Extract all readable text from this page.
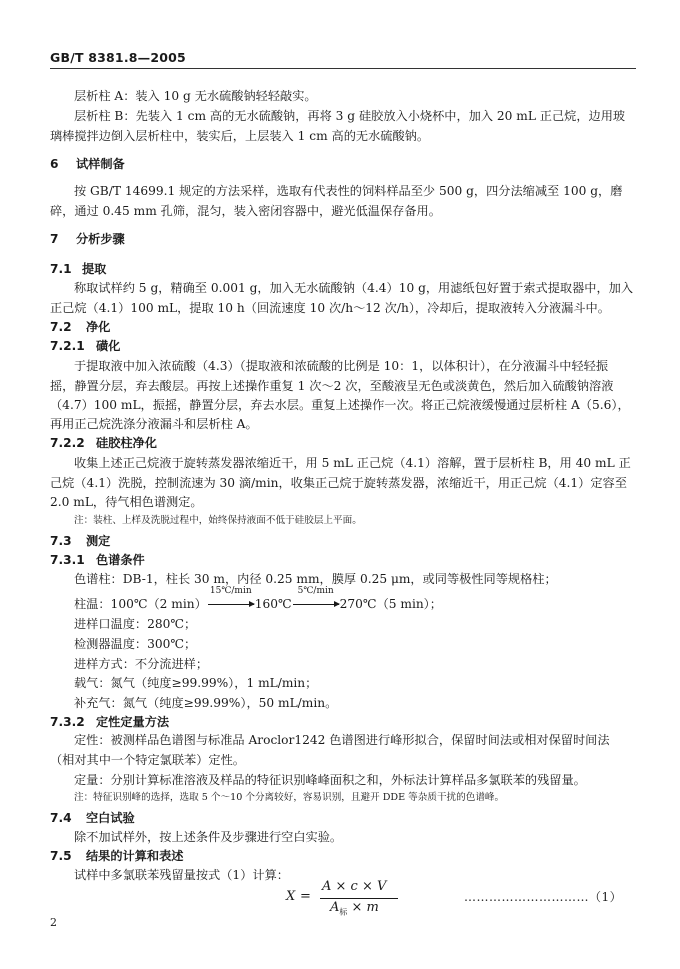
GB/T 8381.8—2005
层析柱 A：装入 10 g 无水硫酸钠轻轻敲实。
层析柱 B：先装入 1 cm 高的无水硫酸钠，再将 3 g 硅胶放入小烧杯中，加入 20 mL 正己烷，边用玻
璃棒搅拌边倒入层析柱中，装实后，上层装入 1 cm 高的无水硫酸钠。
6 试样制备
按 GB/T 14699.1 规定的方法采样，选取有代表性的饲料样品至少 500 g，四分法缩减至 100 g，磨
碎，通过 0.45 mm 孔筛，混匀，装入密闭容器中，避光低温保存备用。
7 分析步骤
7.1 提取
称取试样约 5 g，精确至 0.001 g，加入无水硫酸钠（4.4）10 g，用滤纸包好置于索式提取器中，加入
正己烷（4.1）100 mL，提取 10 h（回流速度 10 次/h～12 次/h），冷却后，提取液转入分液漏斗中。
7.2 净化
7.2.1 磺化
于提取液中加入浓硫酸（4.3）（提取液和浓硫酸的比例是 10：1，以体积计），在分液漏斗中轻轻振
摇，静置分层，弃去酸层。再按上述操作重复 1 次～2 次，至酸液呈无色或淡黄色，然后加入硫酸钠溶液
（4.7）100 mL，振摇，静置分层，弃去水层。重复上述操作一次。将正己烷液缓慢通过层析柱 A（5.6），
再用正己烷洗涤分液漏斗和层析柱 A。
7.2.2 硅胶柱净化
收集上述正己烷液于旋转蒸发器浓缩近干，用 5 mL 正己烷（4.1）溶解，置于层析柱 B，用 40 mL 正
己烷（4.1）洗脱，控制流速为 30 滴/min，收集正己烷于旋转蒸发器，浓缩近干，用正己烷（4.1）定容至
2.0 mL，待气相色谱测定。
注：装柱、上样及洗脱过程中，始终保持液面不低于硅胶层上平面。
7.3 测定
7.3.1 色谱条件
色谱柱：DB-1，柱长 30 m，内径 0.25 mm，膜厚 0.25 μm，或同等极性同等规格柱；
柱温：100℃（2 min）
15℃/min
160℃
5℃/min
270℃（5 min）；
进样口温度：280℃；
检测器温度：300℃；
进样方式：不分流进样；
载气：氮气（纯度≥99.99%），1 mL/min；
补充气：氮气（纯度≥99.99%），50 mL/min。
7.3.2 定性定量方法
定性：被测样品色谱图与标准品 Aroclor1242 色谱图进行峰形拟合，保留时间法或相对保留时间法
（相对其中一个特定氯联苯）定性。
定量：分别计算标准溶液及样品的特征识别峰峰面积之和，外标法计算样品多氯联苯的残留量。
注：特征识别峰的选择，选取 5 个～10 个分离较好，容易识别，且避开 DDE 等杂质干扰的色谱峰。
7.4 空白试验
除不加试样外，按上述条件及步骤进行空白实验。
7.5 结果的计算和表述
试样中多氯联苯残留量按式（1）计算：
X =
A × c × V
$A_标 \times m$
…………………………（1）
2
